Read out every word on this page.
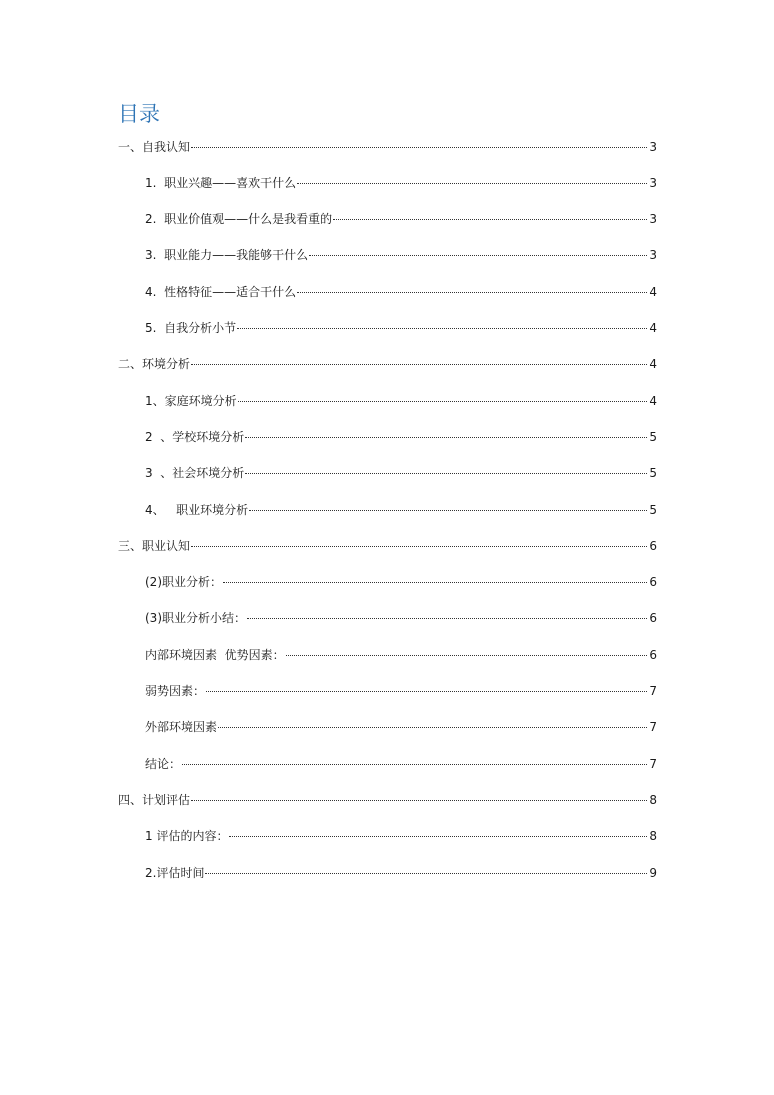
目录
一、自我认知	3
1.  职业兴趣——喜欢干什么	3
2.  职业价值观——什么是我看重的	3
3.  职业能力——我能够干什么	3
4.  性格特征——适合干什么	4
5.  自我分析小节	4
二、环境分析	4
1、家庭环境分析	4
2  、学校环境分析	5
3  、社会环境分析	5
4、   职业环境分析	5
三、职业认知	6
(2)职业分析：	6
(3)职业分析小结：	6
内部环境因素  优势因素：	6
弱势因素：	7
外部环境因素	7
结论：	7
四、计划评估	8
1 评估的内容：	8
2.评估时间	9
